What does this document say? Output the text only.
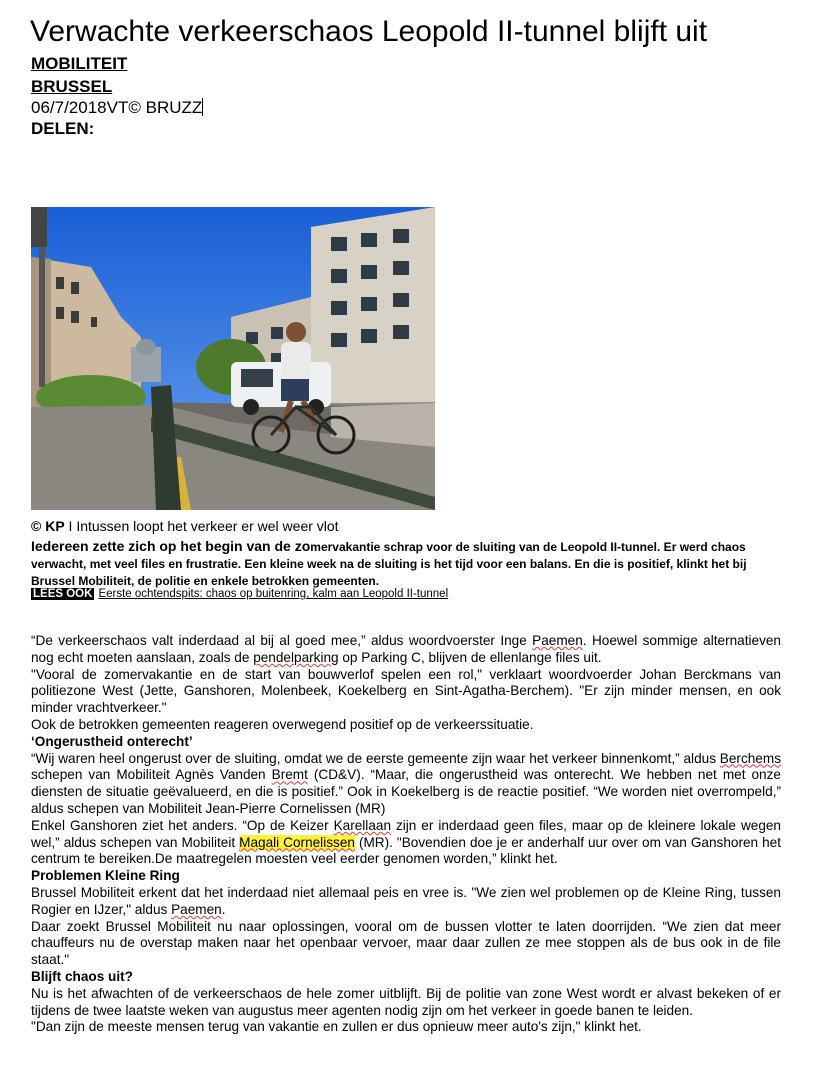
Verwachte verkeerschaos Leopold II-tunnel blijft uit
MOBILITEIT
BRUSSEL
06/7/2018VT© BRUZZ
DELEN:
© KP I Intussen loopt het verkeer er wel weer vlot
Iedereen zette zich op het begin van de zomervakantie schrap voor de sluiting van de Leopold II-tunnel. Er werd chaos verwacht, met veel files en frustratie. Een kleine week na de sluiting is het tijd voor een balans. En die is positief, klinkt het bij Brussel Mobiliteit, de politie en enkele betrokken gemeenten.
LEES OOK Eerste ochtendspits: chaos op buitenring, kalm aan Leopold II-tunnel

“De verkeerschaos valt inderdaad al bij al goed mee,” aldus woordvoerster Inge Paemen. Hoewel sommige alternatieven nog echt moeten aanslaan, zoals de pendelparking op Parking C, blijven de ellenlange files uit.

"Vooral de zomervakantie en de start van bouwverlof spelen een rol," verklaart woordvoerder Johan Berckmans van politiezone West (Jette, Ganshoren, Molenbeek, Koekelberg en Sint-Agatha-Berchem). "Er zijn minder mensen, en ook minder vrachtverkeer."

Ook de betrokken gemeenten reageren overwegend positief op de verkeerssituatie.

‘Ongerustheid onterecht’

“Wij waren heel ongerust over de sluiting, omdat we de eerste gemeente zijn waar het verkeer binnenkomt,” aldus Berchems schepen van Mobiliteit Agnès Vanden Bremt (CD&V). “Maar, die ongerustheid was onterecht. We hebben net met onze diensten de situatie geëvalueerd, en die is positief.” Ook in Koekelberg is de reactie positief. “We worden niet overrompeld,” aldus schepen van Mobiliteit Jean-Pierre Cornelissen (MR)

Enkel Ganshoren ziet het anders. “Op de Keizer Karellaan zijn er inderdaad geen files, maar op de kleinere lokale wegen wel,” aldus schepen van Mobiliteit Magali Cornelissen (MR). "Bovendien doe je er anderhalf uur over om van Ganshoren het centrum te bereiken.De maatregelen moesten veel eerder genomen worden,” klinkt het.

Problemen Kleine Ring

Brussel Mobiliteit erkent dat het inderdaad niet allemaal peis en vree is. "We zien wel problemen op de Kleine Ring, tussen Rogier en IJzer," aldus Paemen.

Daar zoekt Brussel Mobiliteit nu naar oplossingen, vooral om de bussen vlotter te laten doorrijden. “We zien dat meer chauffeurs nu de overstap maken naar het openbaar vervoer, maar daar zullen ze mee stoppen als de bus ook in de file staat."

Blijft chaos uit?

Nu is het afwachten of de verkeerschaos de hele zomer uitblijft. Bij de politie van zone West wordt er alvast bekeken of er tijdens de twee laatste weken van augustus meer agenten nodig zijn om het verkeer in goede banen te leiden.

"Dan zijn de meeste mensen terug van vakantie en zullen er dus opnieuw meer auto's zijn," klinkt het.
